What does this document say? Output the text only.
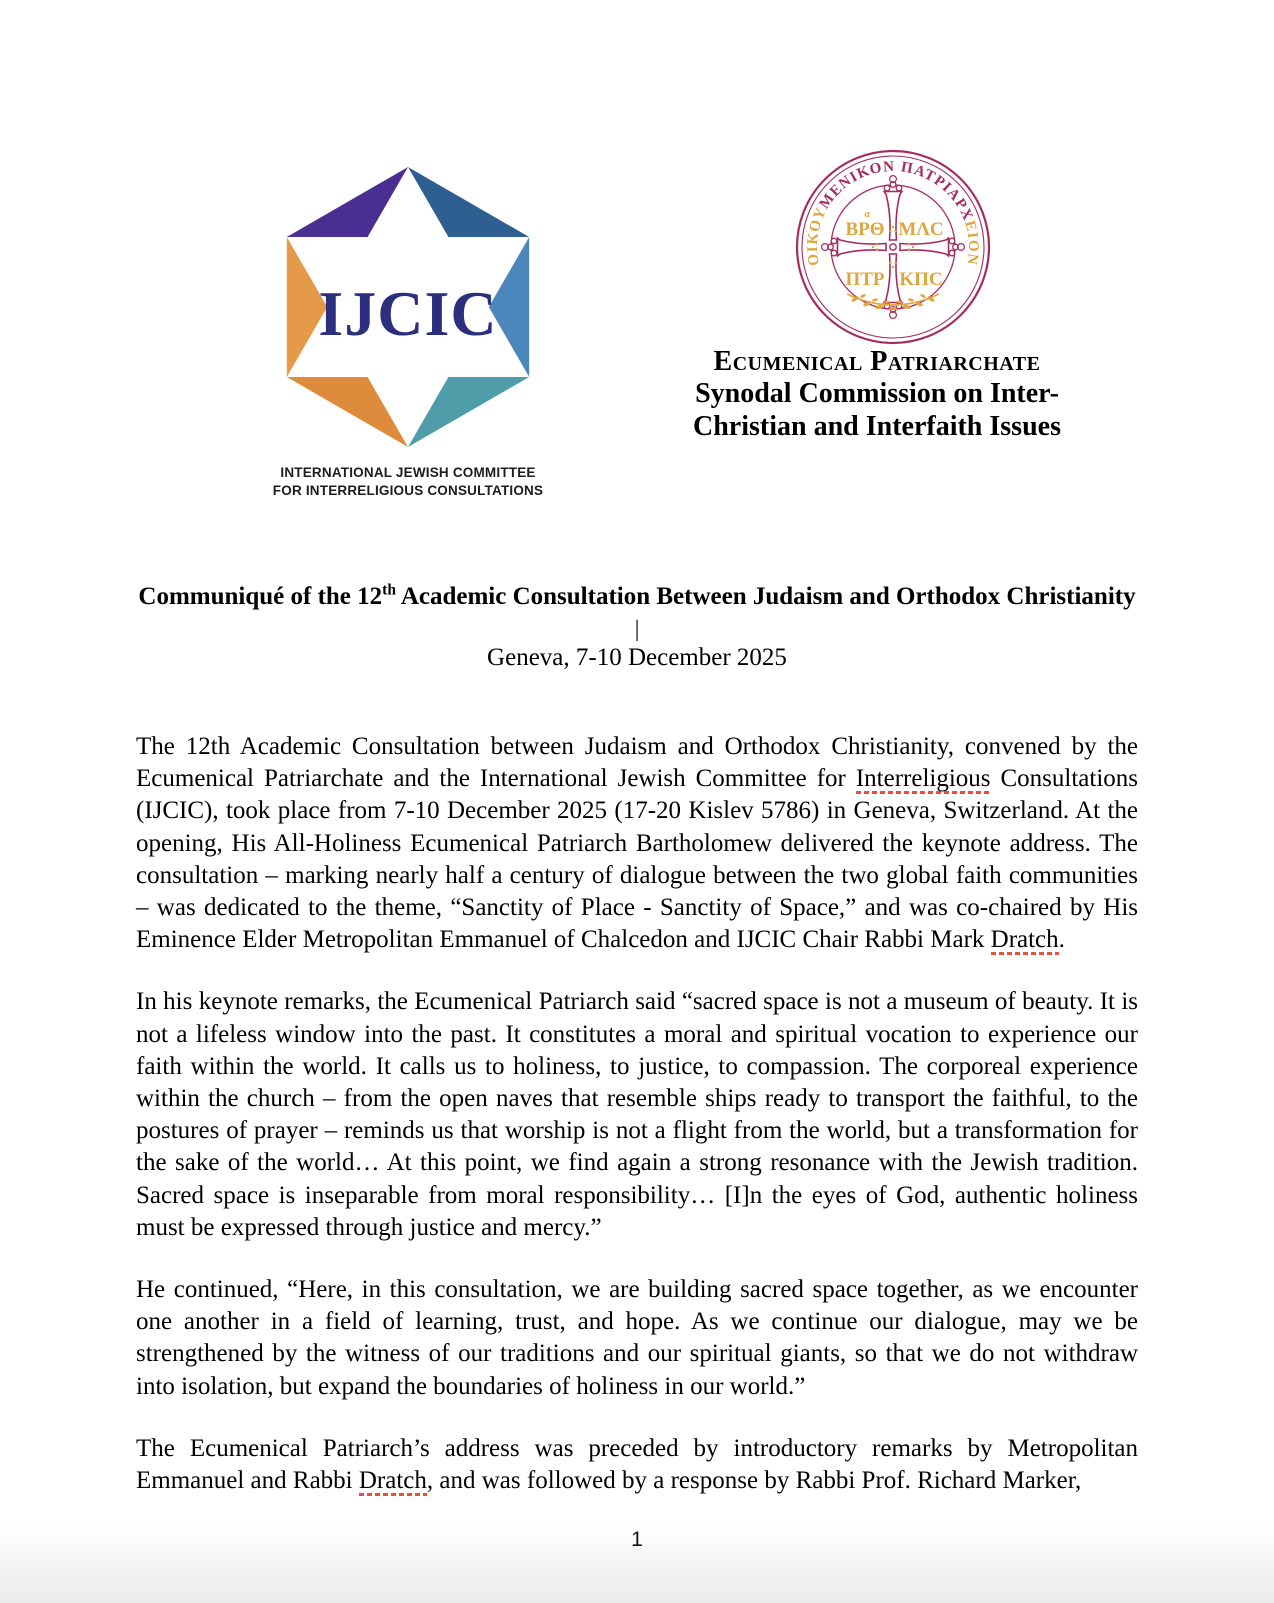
IJCIC
INTERNATIONAL JEWISH COMMITTEE
FOR INTERRELIGIOUS CONSULTATIONS
ΟΙΚΟΥΜΕΝΙΚΟΝ ΠΑΤΡΙΑΡΧ ΕΙΟΝ
α
ΒΡΘ ΜΛC
ΠΤΡ ΚΠC
Ecumenical Patriarchate
Synodal Commission on Inter-
Christian and Interfaith Issues
Communiqué of the 12th Academic Consultation Between Judaism and Orthodox Christianity
|
Geneva, 7-10 December 2025

The 12th Academic Consultation between Judaism and Orthodox Christianity, convened by the Ecumenical Patriarchate and the International Jewish Committee for Interreligious Consultations (IJCIC), took place from 7-10 December 2025 (17-20 Kislev 5786) in Geneva, Switzerland. At the opening, His All-Holiness Ecumenical Patriarch Bartholomew delivered the keynote address. The consultation – marking nearly half a century of dialogue between the two global faith communities – was dedicated to the theme, “Sanctity of Place - Sanctity of Space,” and was co-chaired by His Eminence Elder Metropolitan Emmanuel of Chalcedon and IJCIC Chair Rabbi Mark Dratch.

In his keynote remarks, the Ecumenical Patriarch said “sacred space is not a museum of beauty. It is not a lifeless window into the past. It constitutes a moral and spiritual vocation to experience our faith within the world. It calls us to holiness, to justice, to compassion. The corporeal experience within the church – from the open naves that resemble ships ready to transport the faithful, to the postures of prayer – reminds us that worship is not a flight from the world, but a transformation for the sake of the world… At this point, we find again a strong resonance with the Jewish tradition. Sacred space is inseparable from moral responsibility… [I]n the eyes of God, authentic holiness must be expressed through justice and mercy.”

He continued, “Here, in this consultation, we are building sacred space together, as we encounter one another in a field of learning, trust, and hope. As we continue our dialogue, may we be strengthened by the witness of our traditions and our spiritual giants, so that we do not withdraw into isolation, but expand the boundaries of holiness in our world.”

The Ecumenical Patriarch’s address was preceded by introductory remarks by Metropolitan Emmanuel and Rabbi Dratch, and was followed by a response by Rabbi Prof. Richard Marker,

1
